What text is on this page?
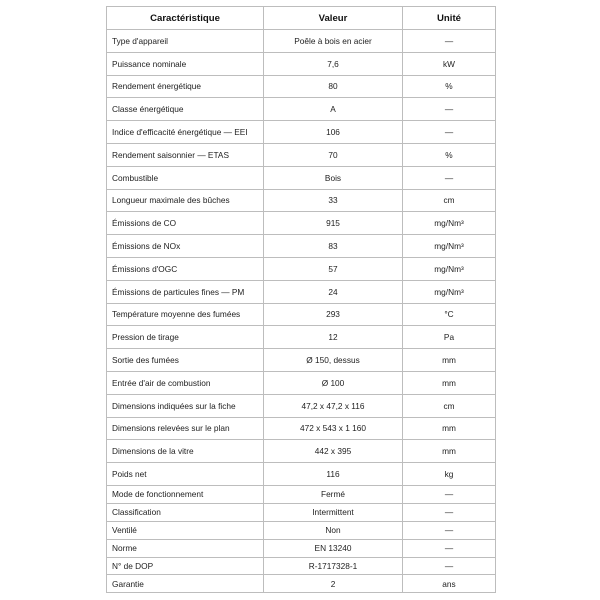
Caractéristique	Valeur	Unité
Type d'appareil	Poêle à bois en acier	—
Puissance nominale	7,6	kW
Rendement énergétique	80	%
Classe énergétique	A	—
Indice d'efficacité énergétique — EEI	106	—
Rendement saisonnier — ETAS	70	%
Combustible	Bois	—
Longueur maximale des bûches	33	cm
Émissions de CO	915	mg/Nm³
Émissions de NOx	83	mg/Nm³
Émissions d'OGC	57	mg/Nm³
Émissions de particules fines — PM	24	mg/Nm³
Température moyenne des fumées	293	°C
Pression de tirage	12	Pa
Sortie des fumées	Ø 150, dessus	mm
Entrée d'air de combustion	Ø 100	mm
Dimensions indiquées sur la fiche	47,2 x 47,2 x 116	cm
Dimensions relevées sur le plan	472 x 543 x 1 160	mm
Dimensions de la vitre	442 x 395	mm
Poids net	116	kg
Mode de fonctionnement	Fermé	—
Classification	Intermittent	—
Ventilé	Non	—
Norme	EN 13240	—
N° de DOP	R-1717328-1	—
Garantie	2	ans
